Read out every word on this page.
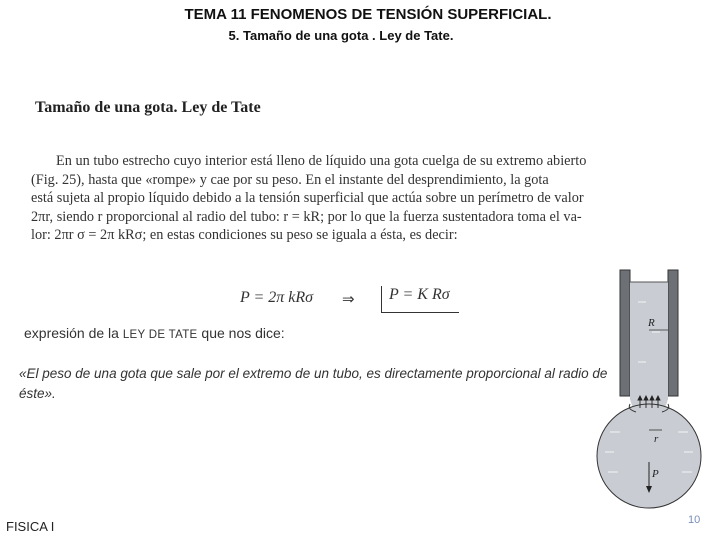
TEMA 11 FENOMENOS DE TENSIÓN SUPERFICIAL.
5. Tamaño de una gota . Ley de Tate.
Tamaño de una gota. Ley de Tate
En un tubo estrecho cuyo interior está lleno de líquido una gota cuelga de su extremo abierto
(Fig. 25), hasta que «rompe» y cae por su peso. En el instante del desprendimiento, la gota
está sujeta al propio líquido debido a la tensión superficial que actúa sobre un perímetro de valor
2πr, siendo r proporcional al radio del tubo: r = kR; por lo que la fuerza sustentadora toma el va-
lor: 2πr σ = 2π kRσ; en estas condiciones su peso se iguala a ésta, es decir:
P = 2π kRσ ⇒	P = K Rσ
expresión de la LEY DE TATE que nos dice:

«El peso de una gota que sale por el extremo de un tubo, es directamente proporcional al radio de éste».

R
r
P
FISICA I	10
